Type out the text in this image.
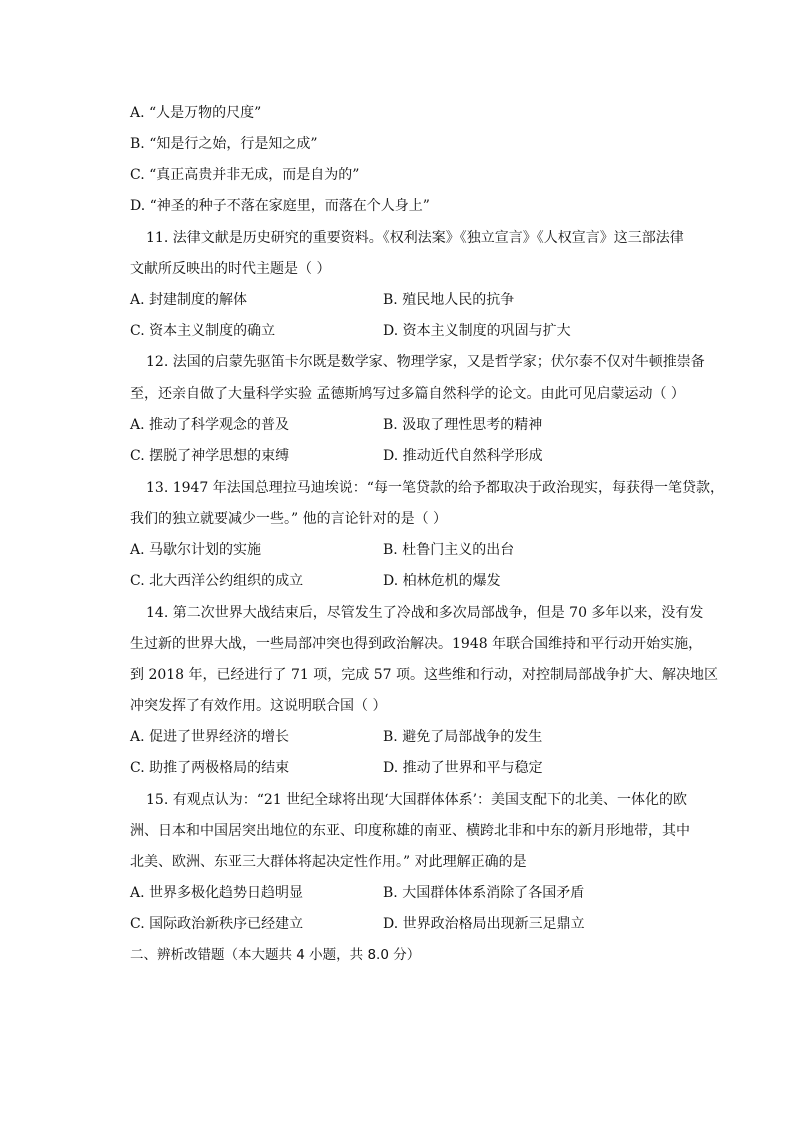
A. “人是万物的尺度”
B. “知是行之始，行是知之成”
C. “真正高贵并非无成，而是自为的”
D. “神圣的种子不落在家庭里，而落在个人身上”
11. 法律文献是历史研究的重要资料。《权利法案》《独立宣言》《人权宣言》这三部法律
文献所反映出的时代主题是（ ）
A. 封建制度的解体	B. 殖民地人民的抗争
C. 资本主义制度的确立	D. 资本主义制度的巩固与扩大
12. 法国的启蒙先驱笛卡尔既是数学家、物理学家，又是哲学家；伏尔泰不仅对牛顿推崇备
至，还亲自做了大量科学实验 孟德斯鸠写过多篇自然科学的论文。由此可见启蒙运动（ ）
A. 推动了科学观念的普及	B. 汲取了理性思考的精神
C. 摆脱了神学思想的束缚	D. 推动近代自然科学形成
13. 1947 年法国总理拉马迪埃说：“每一笔贷款的给予都取决于政治现实，每获得一笔贷款，
我们的独立就要减少一些。” 他的言论针对的是（ ）
A. 马歇尔计划的实施	B. 杜鲁门主义的出台
C. 北大西洋公约组织的成立	D. 柏林危机的爆发
14. 第二次世界大战结束后，尽管发生了冷战和多次局部战争，但是 70 多年以来，没有发
生过新的世界大战，一些局部冲突也得到政治解决。1948 年联合国维持和平行动开始实施，
到 2018 年，已经进行了 71 项，完成 57 项。这些维和行动，对控制局部战争扩大、解决地区
冲突发挥了有效作用。这说明联合国（ ）
A. 促进了世界经济的增长	B. 避免了局部战争的发生
C. 助推了两极格局的结束	D. 推动了世界和平与稳定
15. 有观点认为：“21 世纪全球将出现‘大国群体体系’：美国支配下的北美、一体化的欧
洲、日本和中国居突出地位的东亚、印度称雄的南亚、横跨北非和中东的新月形地带，其中
北美、欧洲、东亚三大群体将起决定性作用。” 对此理解正确的是
A. 世界多极化趋势日趋明显	B. 大国群体体系消除了各国矛盾
C. 国际政治新秩序已经建立	D. 世界政治格局出现新三足鼎立
二、辨析改错题（本大题共 4 小题，共 8.0 分）
